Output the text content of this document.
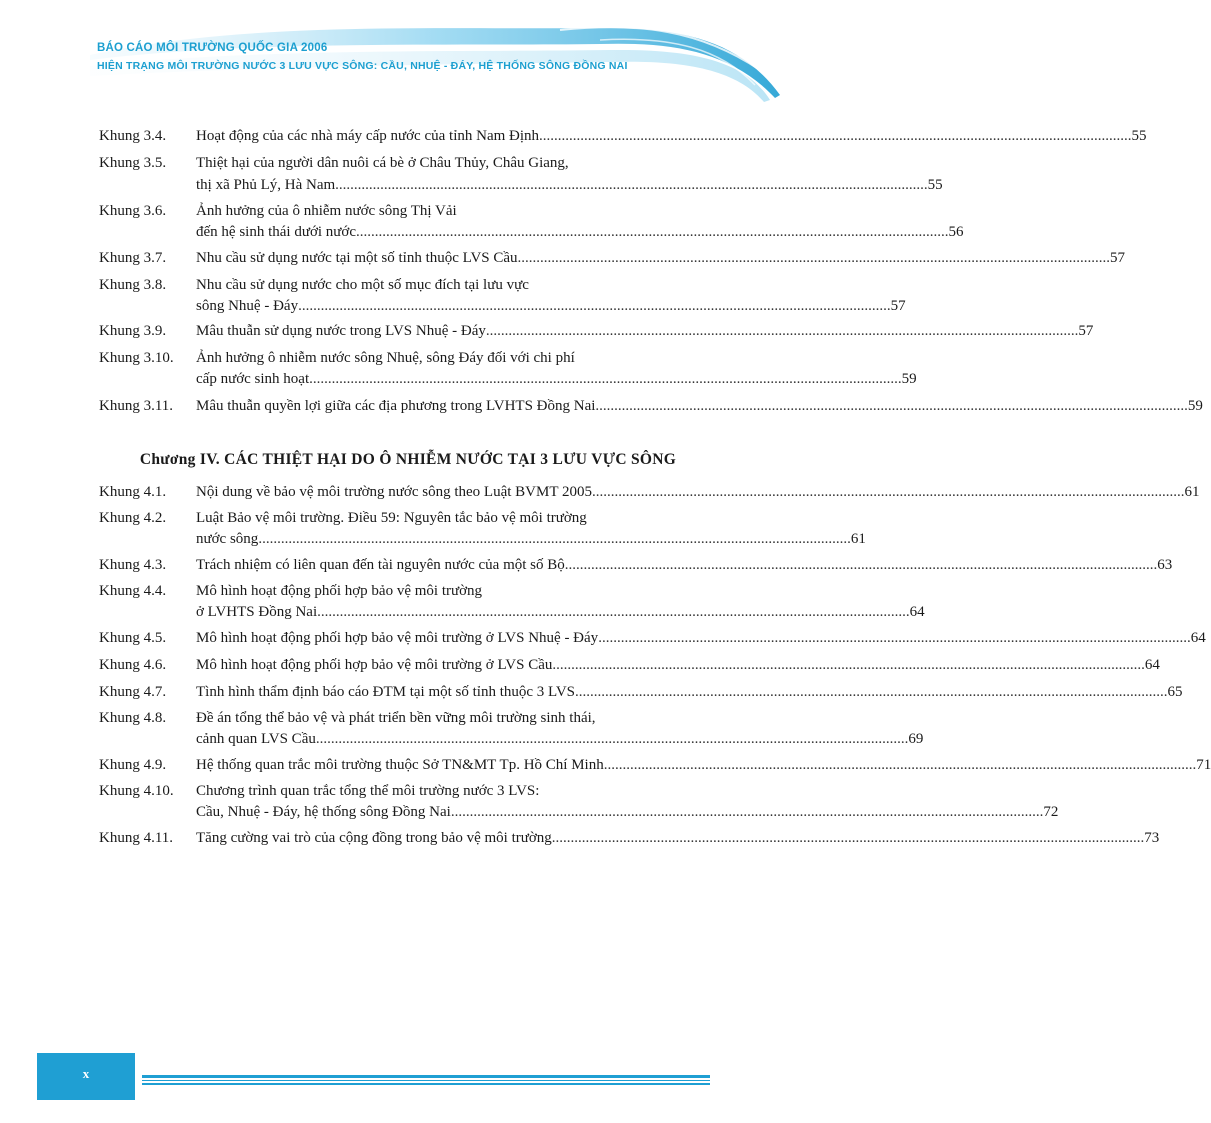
BÁO CÁO MÔI TRƯỜNG QUỐC GIA 2006
HIỆN TRẠNG MÔI TRƯỜNG NƯỚC 3 LƯU VỰC SÔNG: CẦU, NHUỆ - ĐÁY, HỆ THỐNG SÔNG ĐỒNG NAI
Khung 3.4. Hoạt động của các nhà máy cấp nước của tỉnh Nam Định .............................................................................................................................................................. 55
Khung 3.5. Thiệt hại của người dân nuôi cá bè ở Châu Thủy, Châu Giang,
thị xã Phủ Lý, Hà Nam .............................................................................................................................................................. 55
Khung 3.6. Ảnh hưởng của ô nhiễm nước sông Thị Vải
đến hệ sinh thái dưới nước .............................................................................................................................................................. 56
Khung 3.7. Nhu cầu sử dụng nước tại một số tỉnh thuộc LVS Cầu .............................................................................................................................................................. 57
Khung 3.8. Nhu cầu sử dụng nước cho một số mục đích tại lưu vực
sông Nhuệ - Đáy .............................................................................................................................................................. 57
Khung 3.9. Mâu thuẫn sử dụng nước trong LVS Nhuệ - Đáy .............................................................................................................................................................. 57
Khung 3.10. Ảnh hưởng ô nhiễm nước sông Nhuệ, sông Đáy đối với chi phí
cấp nước sinh hoạt .............................................................................................................................................................. 59
Khung 3.11. Mâu thuẫn quyền lợi giữa các địa phương trong LVHTS Đồng Nai .............................................................................................................................................................. 59
Chương IV. CÁC THIỆT HẠI DO Ô NHIỄM NƯỚC TẠI 3 LƯU VỰC SÔNG
Khung 4.1. Nội dung về bảo vệ môi trường nước sông theo Luật BVMT 2005 .............................................................................................................................................................. 61
Khung 4.2. Luật Bảo vệ môi trường. Điều 59: Nguyên tắc bảo vệ môi trường
nước sông .............................................................................................................................................................. 61
Khung 4.3. Trách nhiệm có liên quan đến tài nguyên nước của một số Bộ .............................................................................................................................................................. 63
Khung 4.4. Mô hình hoạt động phối hợp bảo vệ môi trường
ở LVHTS Đồng Nai .............................................................................................................................................................. 64
Khung 4.5. Mô hình hoạt động phối hợp bảo vệ môi trường ở LVS Nhuệ - Đáy .............................................................................................................................................................. 64
Khung 4.6. Mô hình hoạt động phối hợp bảo vệ môi trường ở LVS Cầu .............................................................................................................................................................. 64
Khung 4.7. Tình hình thẩm định báo cáo ĐTM tại một số tỉnh thuộc 3 LVS .............................................................................................................................................................. 65
Khung 4.8. Đề án tổng thể bảo vệ và phát triển bền vững môi trường sinh thái,
cảnh quan LVS Cầu .............................................................................................................................................................. 69
Khung 4.9. Hệ thống quan trắc môi trường thuộc Sở TN&MT Tp. Hồ Chí Minh .............................................................................................................................................................. 71
Khung 4.10. Chương trình quan trắc tổng thể môi trường nước 3 LVS:
Cầu, Nhuệ - Đáy, hệ thống sông Đồng Nai .............................................................................................................................................................. 72
Khung 4.11. Tăng cường vai trò của cộng đồng trong bảo vệ môi trường .............................................................................................................................................................. 73
x
